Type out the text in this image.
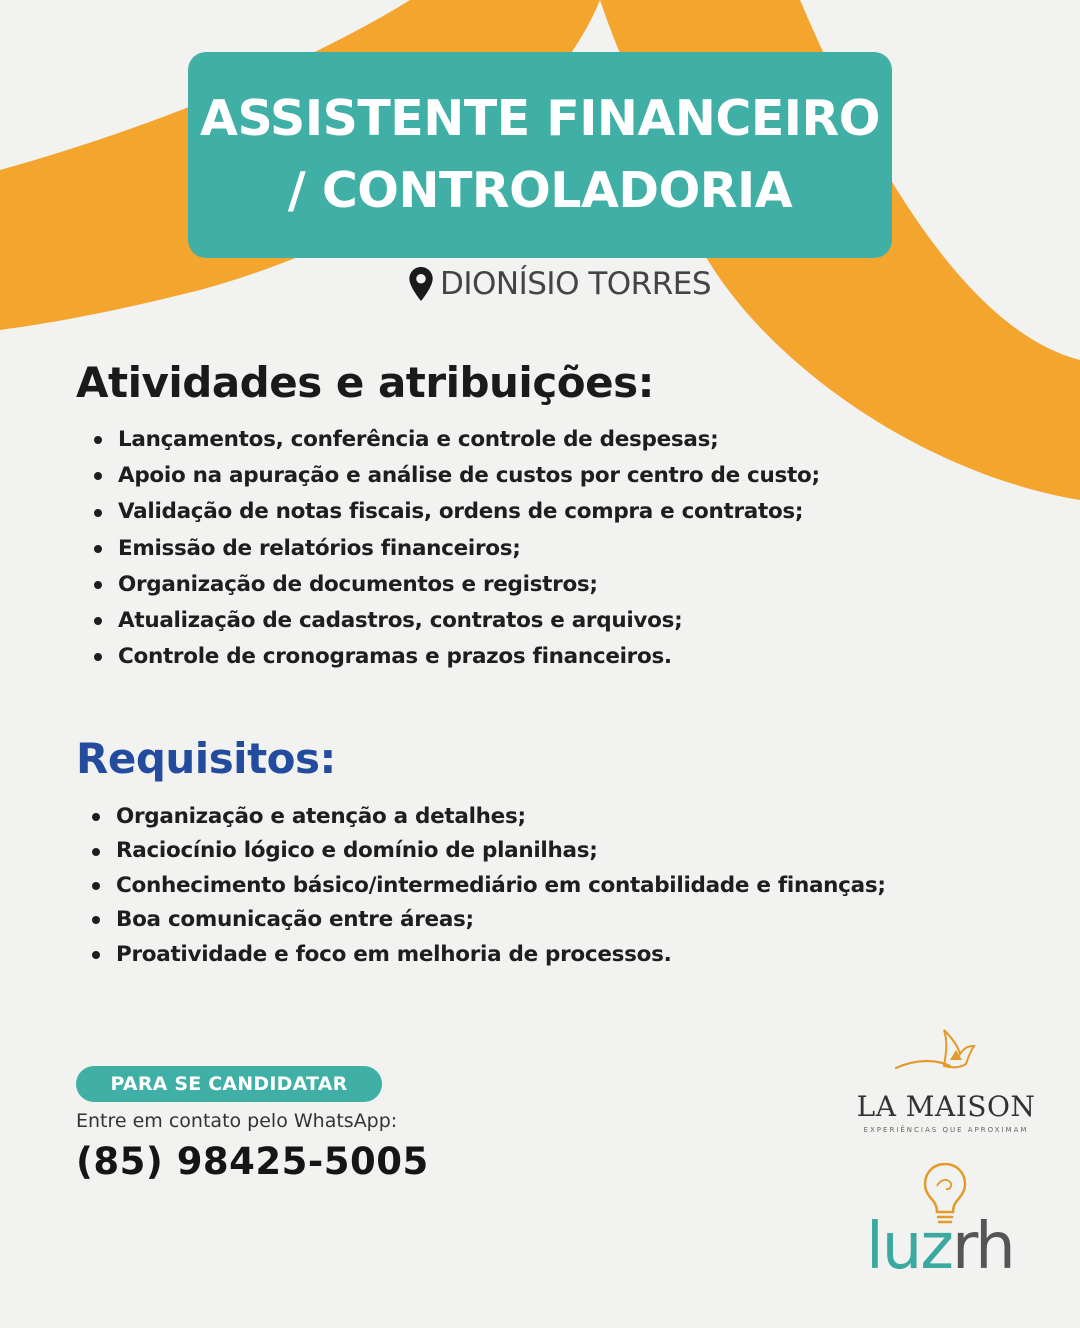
ASSISTENTE FINANCEIRO
/ CONTROLADORIA
DIONÍSIO TORRES
Atividades e atribuições:
Lançamentos, conferência e controle de despesas;
Apoio na apuração e análise de custos por centro de custo;
Validação de notas fiscais, ordens de compra e contratos;
Emissão de relatórios financeiros;
Organização de documentos e registros;
Atualização de cadastros, contratos e arquivos;
Controle de cronogramas e prazos financeiros.
Requisitos:
Organização e atenção a detalhes;
Raciocínio lógico e domínio de planilhas;
Conhecimento básico/intermediário em contabilidade e finanças;
Boa comunicação entre áreas;
Proatividade e foco em melhoria de processos.
PARA SE CANDIDATAR
Entre em contato pelo WhatsApp:
(85) 98425-5005
LA MAISON
EXPERIÊNCIAS QUE APROXIMAM
luzrh
